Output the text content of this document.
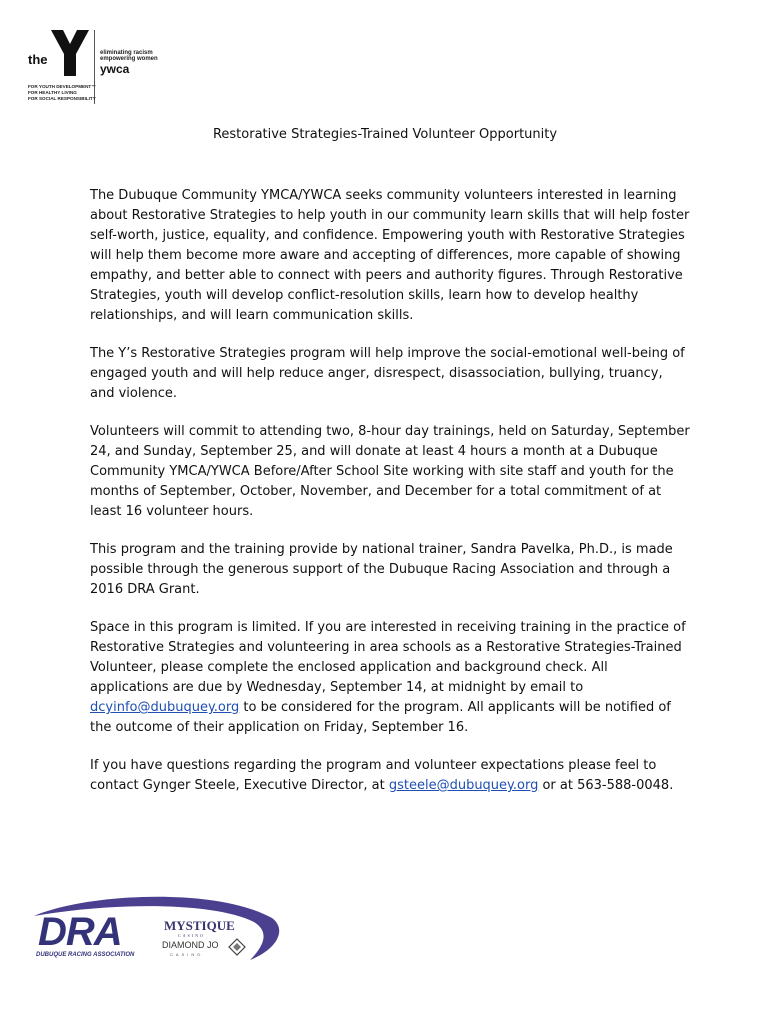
the	eliminating racism
empowering women
ywca
FOR YOUTH DEVELOPMENT™
FOR HEALTHY LIVING
FOR SOCIAL RESPONSIBILITY
Restorative Strategies-Trained Volunteer Opportunity

The Dubuque Community YMCA/YWCA seeks community volunteers interested in learning about Restorative Strategies to help youth in our community learn skills that will help foster self-worth, justice, equality, and confidence. Empowering youth with Restorative Strategies will help them become more aware and accepting of differences, more capable of showing empathy, and better able to connect with peers and authority figures. Through Restorative Strategies, youth will develop conflict-resolution skills, learn how to develop healthy relationships, and will learn communication skills.

The Y’s Restorative Strategies program will help improve the social-emotional well-being of engaged youth and will help reduce anger, disrespect, disassociation, bullying, truancy, and violence.

Volunteers will commit to attending two, 8-hour day trainings, held on Saturday, September 24, and Sunday, September 25, and will donate at least 4 hours a month at a Dubuque Community YMCA/YWCA Before/After School Site working with site staff and youth for the months of September, October, November, and December for a total commitment of at least 16 volunteer hours.

This program and the training provide by national trainer, Sandra Pavelka, Ph.D., is made possible through the generous support of the Dubuque Racing Association and through a 2016 DRA Grant.

Space in this program is limited. If you are interested in receiving training in the practice of Restorative Strategies and volunteering in area schools as a Restorative Strategies-Trained Volunteer, please complete the enclosed application and background check. All applications are due by Wednesday, September 14, at midnight by email to dcyinfo@dubuquey.org to be considered for the program. All applicants will be notified of the outcome of their application on Friday, September 16.

If you have questions regarding the program and volunteer expectations please feel to contact Gynger Steele, Executive Director, at gsteele@dubuquey.org or at 563-588-0048.

DRA
DUBUQUE RACING ASSOCIATION
MYSTIQUE
CASINO
DIAMOND JO
CASINO
